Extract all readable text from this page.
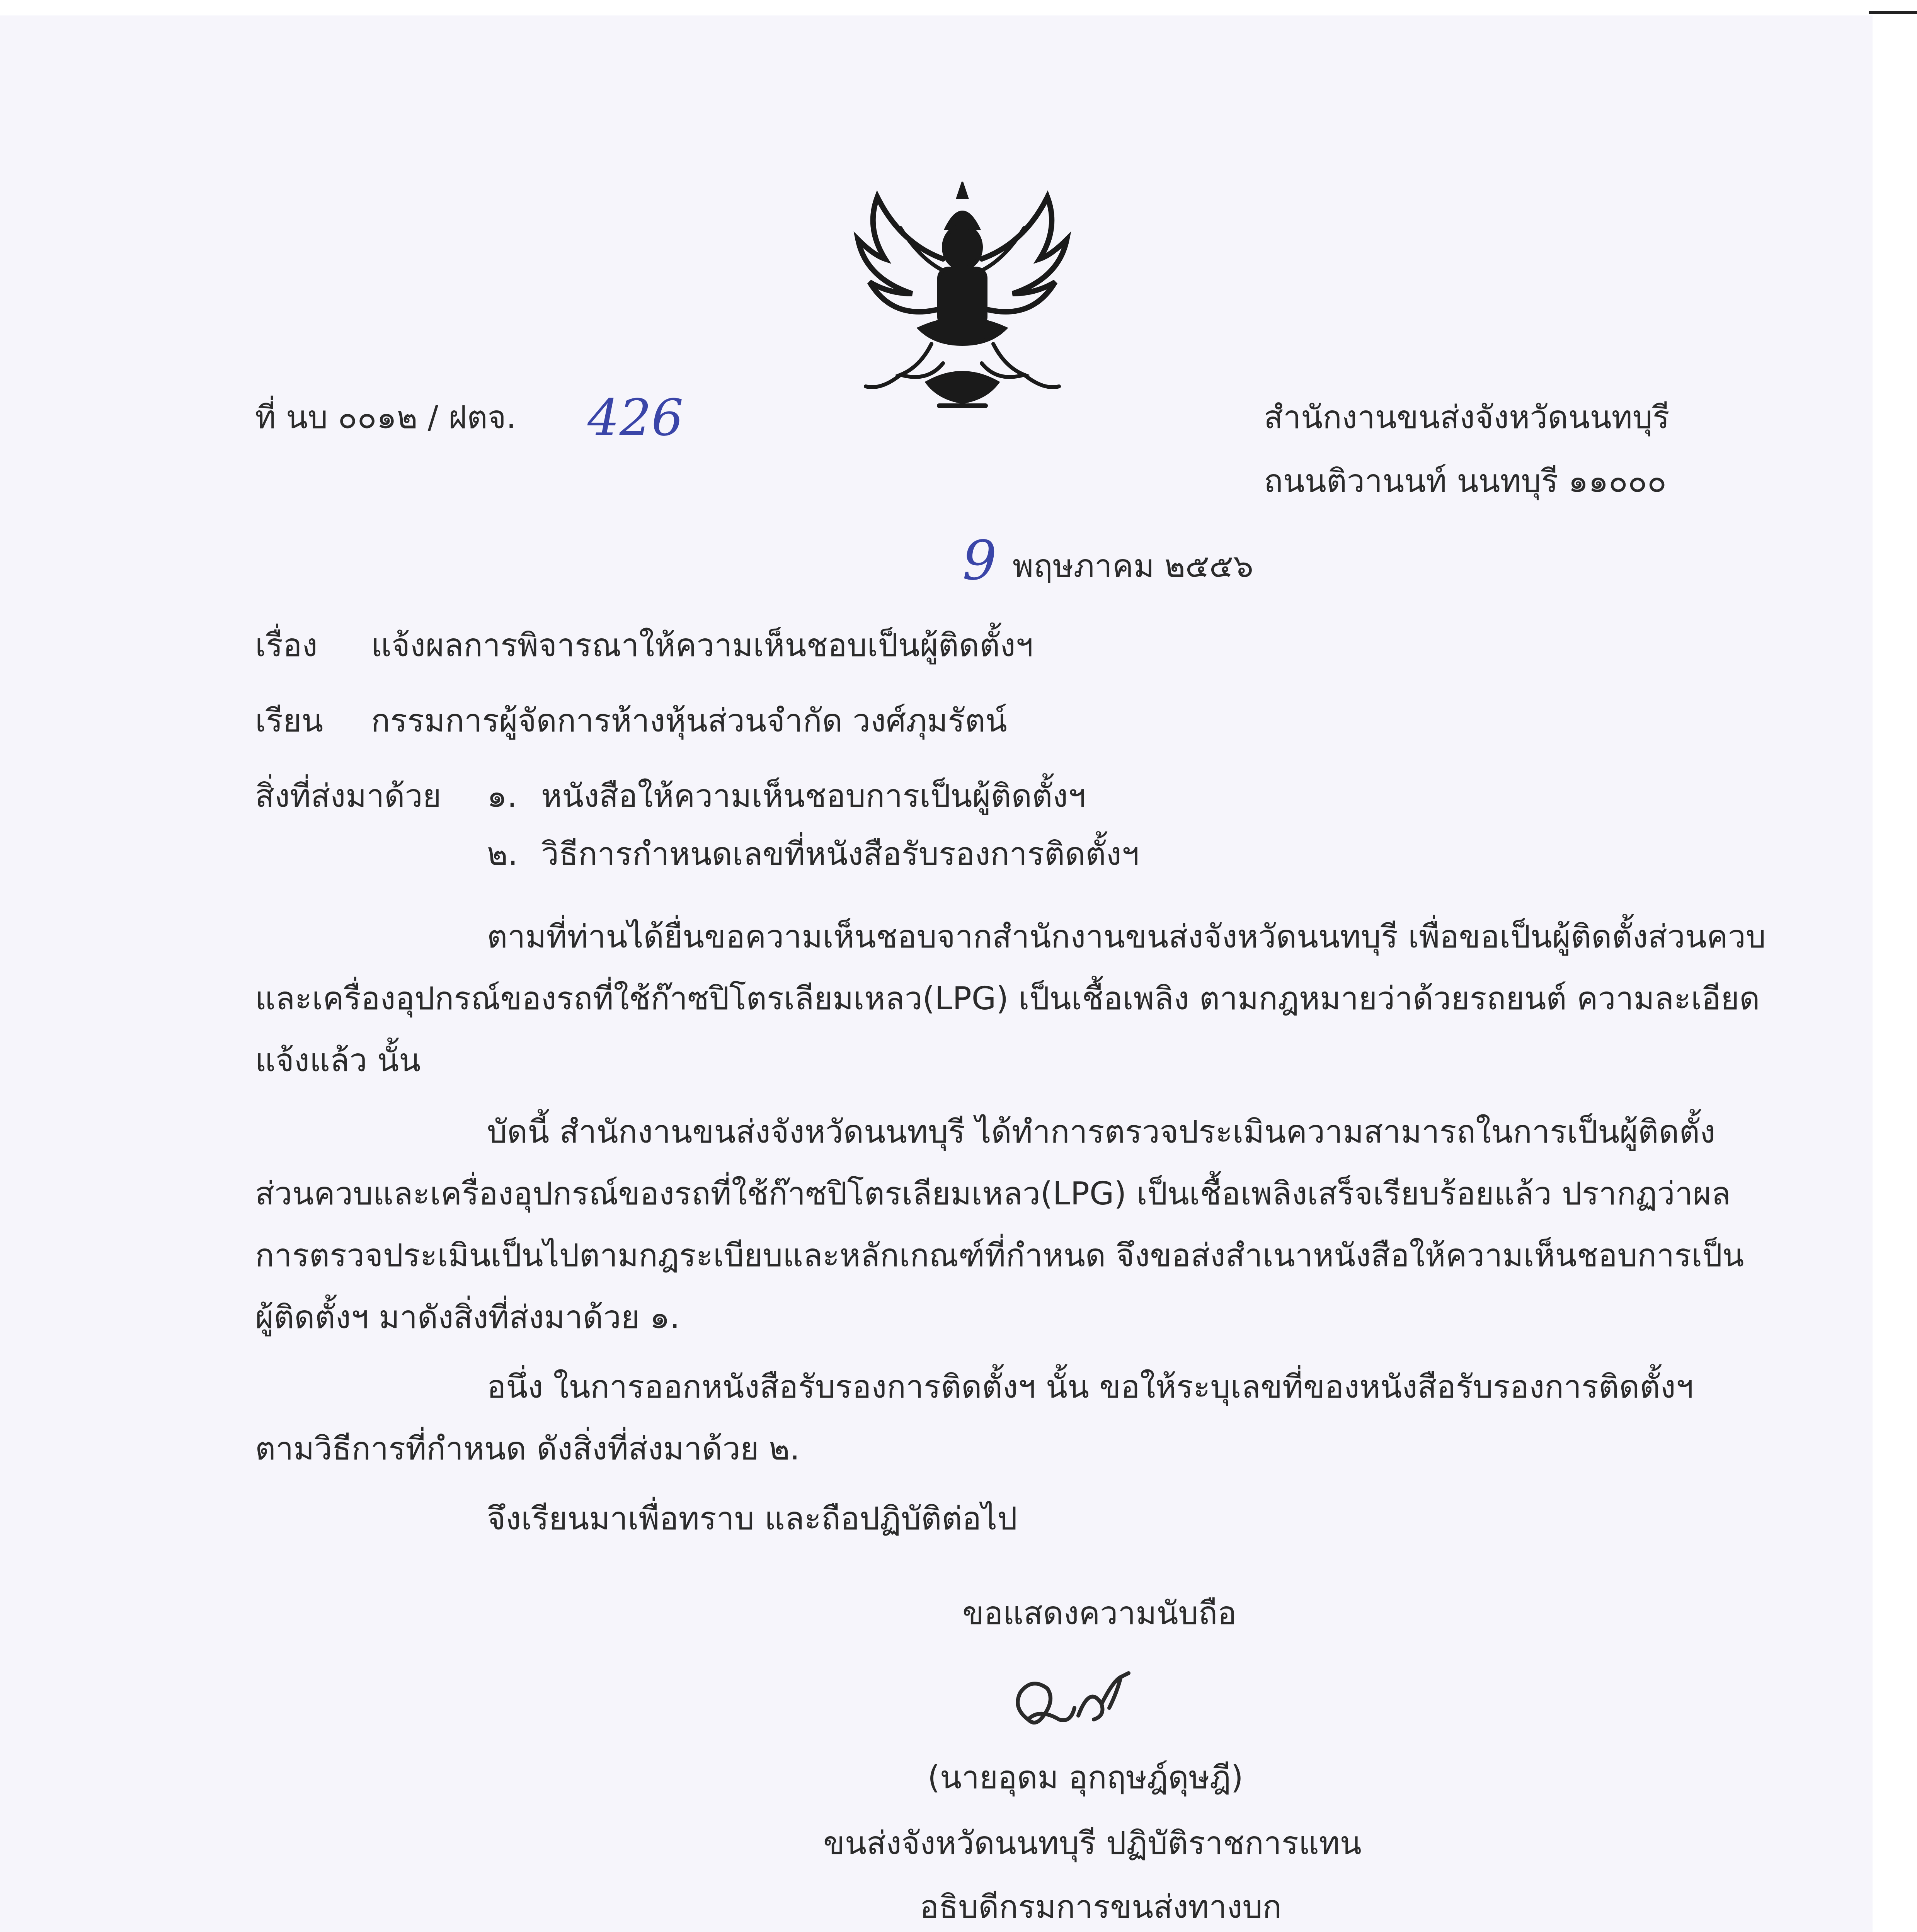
ที่ นบ ๐๐๑๒ / ฝตจ. 426	สำนักงานขนส่งจังหวัดนนทบุรี
ถนนติวานนท์ นนทบุรี ๑๑๐๐๐
9 พฤษภาคม ๒๕๕๖
เรื่อง แจ้งผลการพิจารณาให้ความเห็นชอบเป็นผู้ติดตั้งฯ
เรียน กรรมการผู้จัดการห้างหุ้นส่วนจำกัด วงศ์ภุมรัตน์
สิ่งที่ส่งมาด้วย ๑. หนังสือให้ความเห็นชอบการเป็นผู้ติดตั้งฯ
๒. วิธีการกำหนดเลขที่หนังสือรับรองการติดตั้งฯ
ตามที่ท่านได้ยื่นขอความเห็นชอบจากสำนักงานขนส่งจังหวัดนนทบุรี เพื่อขอเป็นผู้ติดตั้งส่วนควบ
และเครื่องอุปกรณ์ของรถที่ใช้ก๊าซปิโตรเลียมเหลว(LPG) เป็นเชื้อเพลิง ตามกฎหมายว่าด้วยรถยนต์ ความละเอียด
แจ้งแล้ว นั้น
บัดนี้ สำนักงานขนส่งจังหวัดนนทบุรี ได้ทำการตรวจประเมินความสามารถในการเป็นผู้ติดตั้ง
ส่วนควบและเครื่องอุปกรณ์ของรถที่ใช้ก๊าซปิโตรเลียมเหลว(LPG) เป็นเชื้อเพลิงเสร็จเรียบร้อยแล้ว ปรากฏว่าผล
การตรวจประเมินเป็นไปตามกฎระเบียบและหลักเกณฑ์ที่กำหนด จึงขอส่งสำเนาหนังสือให้ความเห็นชอบการเป็น
ผู้ติดตั้งฯ มาดังสิ่งที่ส่งมาด้วย ๑.
อนึ่ง ในการออกหนังสือรับรองการติดตั้งฯ นั้น ขอให้ระบุเลขที่ของหนังสือรับรองการติดตั้งฯ
ตามวิธีการที่กำหนด ดังสิ่งที่ส่งมาด้วย ๒.
จึงเรียนมาเพื่อทราบ และถือปฏิบัติต่อไป
ขอแสดงความนับถือ
(นายอุดม อุกฤษฎ์ดุษฎี)
ขนส่งจังหวัดนนทบุรี ปฏิบัติราชการแทน
อธิบดีกรมการขนส่งทางบก
